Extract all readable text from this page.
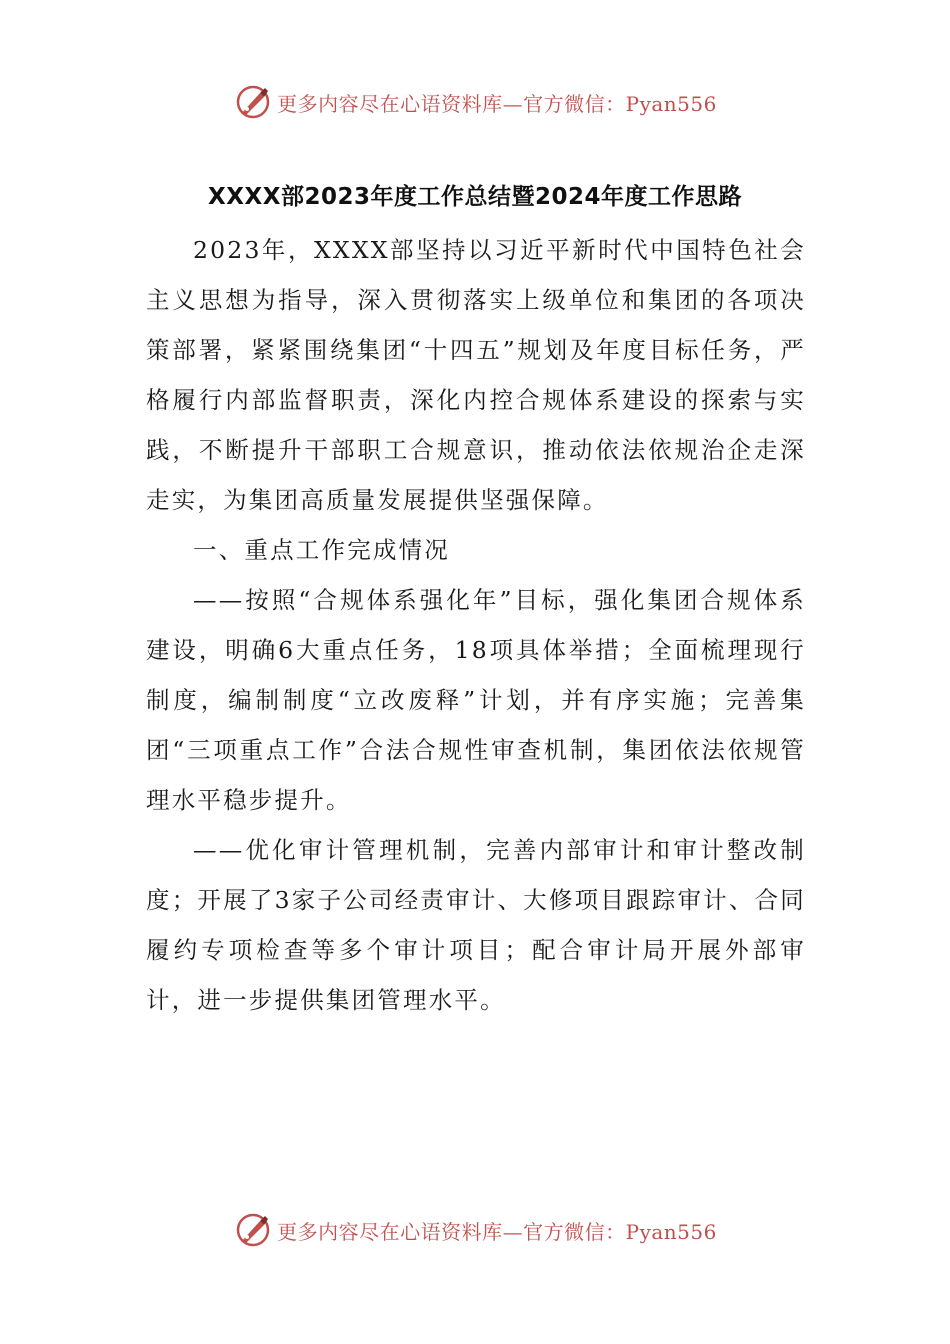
更多内容尽在心语资料库—官方微信：Pyan556
XXXX部2023年度工作总结暨2024年度工作思路

2023年，XXXX部坚持以习近平新时代中国特色社会主义思想为指导，深入贯彻落实上级单位和集团的各项决策部署，紧紧围绕集团“十四五”规划及年度目标任务，严格履行内部监督职责，深化内控合规体系建设的探索与实践，不断提升干部职工合规意识，推动依法依规治企走深走实，为集团高质量发展提供坚强保障。

一、重点工作完成情况

——按照“合规体系强化年”目标，强化集团合规体系建设，明确6大重点任务，18项具体举措；全面梳理现行制度，编制制度“立改废释”计划，并有序实施；完善集团“三项重点工作”合法合规性审查机制，集团依法依规管理水平稳步提升。

——优化审计管理机制，完善内部审计和审计整改制度；开展了3家子公司经责审计、大修项目跟踪审计、合同履约专项检查等多个审计项目；配合审计局开展外部审计，进一步提供集团管理水平。

更多内容尽在心语资料库—官方微信：Pyan556
